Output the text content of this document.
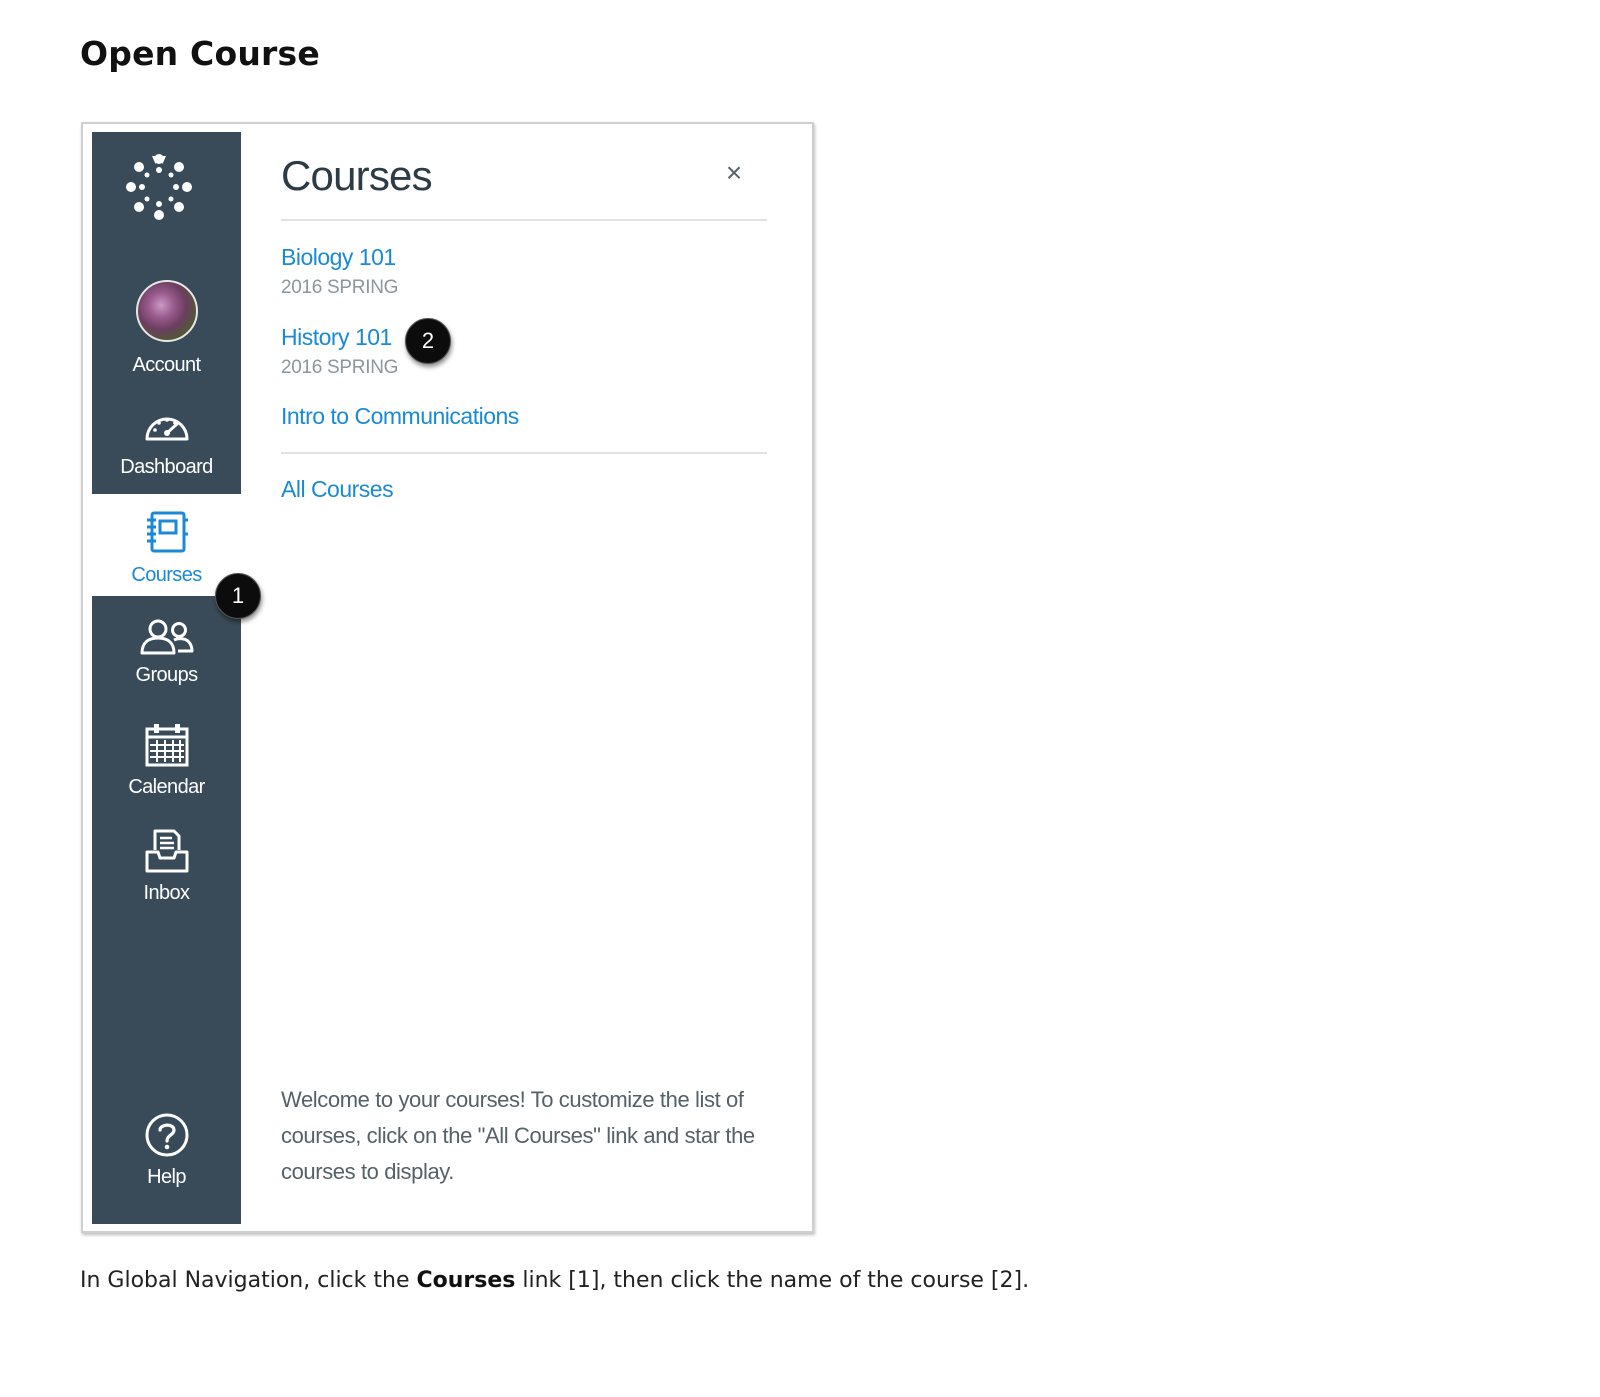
Open Course
Account
Dashboard
Courses
Groups
Calendar
Inbox
Help
Courses	×
Biology 101
2016 SPRING
History 101
2016 SPRING
Intro to Communications
All Courses
Welcome to your courses! To customize the list of courses, click on the "All Courses" link and star the courses to display.
1
2

In Global Navigation, click the Courses link [1], then click the name of the course [2].
